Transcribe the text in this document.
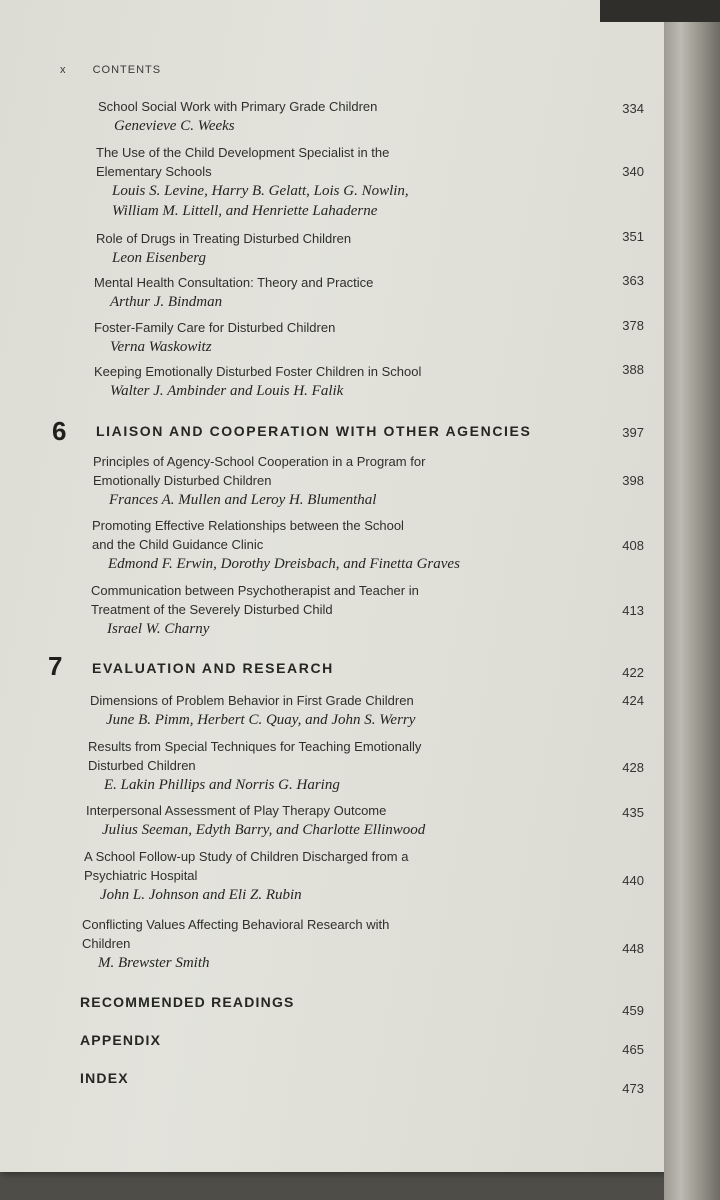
x CONTENTS
School Social Work with Primary Grade Children
Genevieve C. Weeks
334
The Use of the Child Development Specialist in the
Elementary Schools
Louis S. Levine, Harry B. Gelatt, Lois G. Nowlin,
William M. Littell, and Henriette Lahaderne
340
Role of Drugs in Treating Disturbed Children
Leon Eisenberg
351
Mental Health Consultation: Theory and Practice
Arthur J. Bindman
363
Foster-Family Care for Disturbed Children
Verna Waskowitz
378
Keeping Emotionally Disturbed Foster Children in School
Walter J. Ambinder and Louis H. Falik
388
6 LIAISON AND COOPERATION WITH OTHER AGENCIES	397
Principles of Agency-School Cooperation in a Program for
Emotionally Disturbed Children
Frances A. Mullen and Leroy H. Blumenthal
398
Promoting Effective Relationships between the School
and the Child Guidance Clinic
Edmond F. Erwin, Dorothy Dreisbach, and Finetta Graves
408
Communication between Psychotherapist and Teacher in
Treatment of the Severely Disturbed Child
Israel W. Charny
413
7 EVALUATION AND RESEARCH	422
Dimensions of Problem Behavior in First Grade Children
June B. Pimm, Herbert C. Quay, and John S. Werry
424
Results from Special Techniques for Teaching Emotionally
Disturbed Children
E. Lakin Phillips and Norris G. Haring
428
Interpersonal Assessment of Play Therapy Outcome
Julius Seeman, Edyth Barry, and Charlotte Ellinwood
435
A School Follow-up Study of Children Discharged from a
Psychiatric Hospital
John L. Johnson and Eli Z. Rubin
440
Conflicting Values Affecting Behavioral Research with
Children
M. Brewster Smith
448
RECOMMENDED READINGS
459
APPENDIX
465
INDEX
473
